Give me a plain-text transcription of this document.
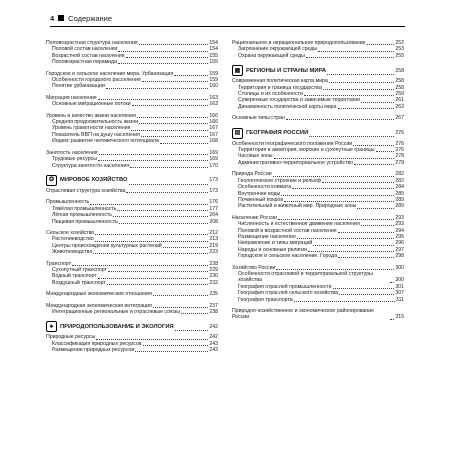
4 Содержание
Половозрастная структура населения	154
Половой состав населения	154
Возрастной состав населения	155
Половозрастная пирамида	155
Городское и сельское население мира. Урбанизация	159
Особенности городского расселения	159
Понятие урбанизации	160
Миграция населения	163
Основные миграционные потоки	163
Уровень и качество жизни населения	166
Средняя продолжительность жизни	166
Уровень грамотности населения	167
Показатель ВВП на душу населения	167
Индекс развития человеческого потенциала	168
Занятость населения	169
Трудовые ресурсы	169
Структура занятости населения	170
✪	МИРОВОЕ ХОЗЯЙСТВО	173
Отраслевая структура хозяйства	173
Промышленность	176
Тяжёлая промышленность	177
Лёгкая промышленность	204
Пищевая промышленность	208
Сельское хозяйство	212
Растениеводство	213
Центры происхождения культурных растений	219
Животноводство	223
Транспорт	228
Сухопутный транспорт	229
Водный транспорт	230
Воздушный транспорт	232
Международные экономические отношения	235
Международная экономическая интеграция	237
Интеграционные региональные и отраслевые союзы	238
♣	ПРИРОДОПОЛЬЗОВАНИЕ И ЭКОЛОГИЯ	242
Природные ресурсы	242
Классификация природных ресурсов	243
Размещение природных ресурсов	243
Рациональное и нерациональное природопользование	252
Загрязнение окружающей среды	253
Охрана окружающей среды	255
▦ РЕГИОНЫ И СТРАНЫ МИРА	258
Современная политическая карта мира	258
Территория и граница государства	258
Столицы и их особенности	259
Суверенные государства и зависимые территории	261
Динамичность политической карты мира	263
Основные типы стран	267
▤ ГЕОГРАФИЯ РОССИИ	276
Особенности географического положения России	276
Территория и акватория, морские и сухопутные границы	276
Часовые зоны	278
Административно-территориальное устройство	278
Природа России	282
Геологическое строение и рельеф	282
Особенности климата	284
Внутренние воды	285
Почвенный покров	289
Растительный и животный мир. Природные зоны	289
Население России	293
Численность и естественное движение населения	293
Половой и возрастной состав населения	294
Размещение населения	295
Направление и типы миграций	296
Народы и основные религии	297
Городское и сельское население. Города	298
Хозяйство России	300
Особенности отраслевой и территориальной структуры хозяйства	300
География отраслей промышленности	301
География отраслей сельского хозяйства	307
География транспорта	311
Природно-хозяйственное и экономическое районирование России	315
